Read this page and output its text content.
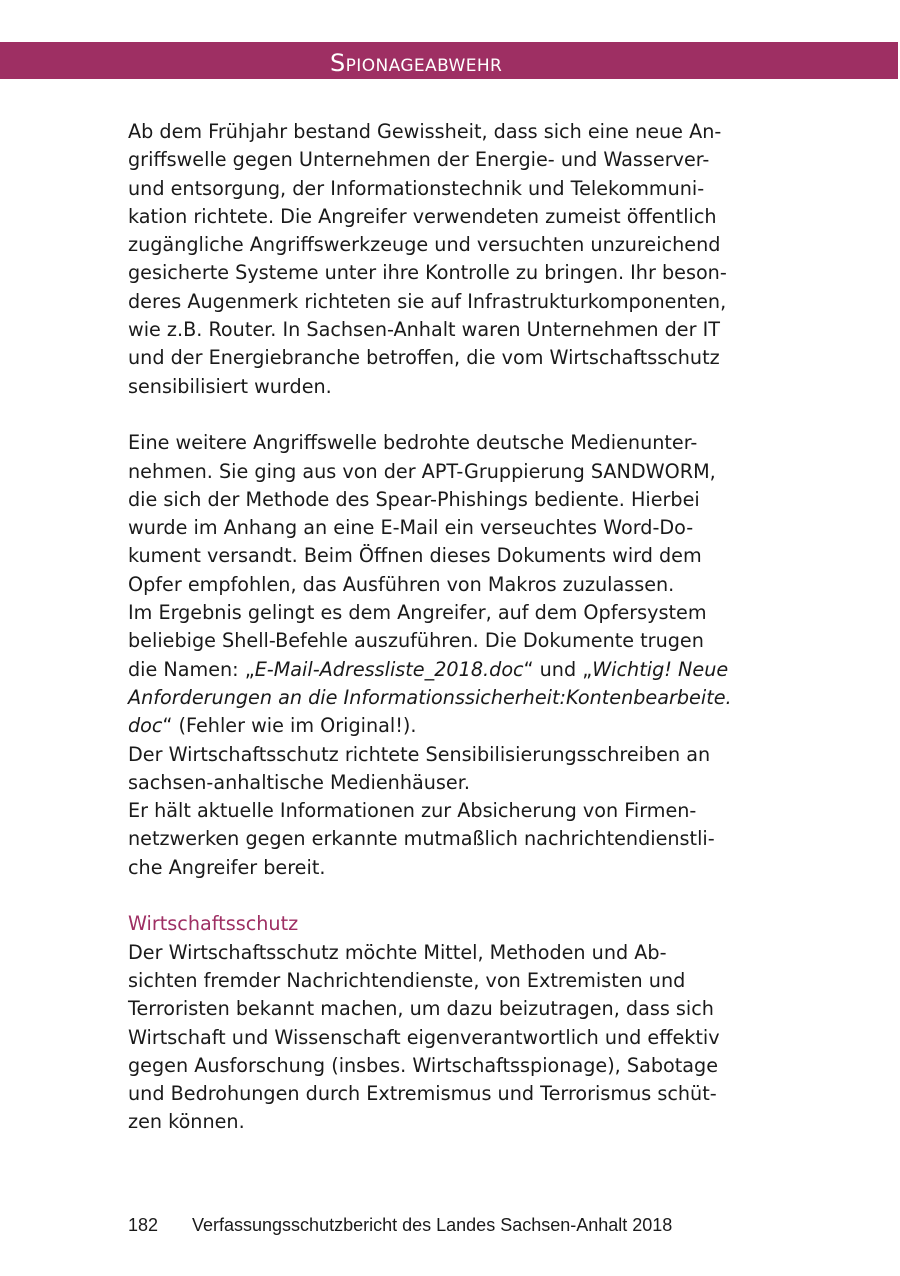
Spionageabwehr
Ab dem Frühjahr bestand Gewissheit, dass sich eine neue An-
griffswelle gegen Unternehmen der Energie- und Wasserver-
und entsorgung, der Informationstechnik und Telekommuni-
kation richtete. Die Angreifer verwendeten zumeist öffentlich
zugängliche Angriffswerkzeuge und versuchten unzureichend
gesicherte Systeme unter ihre Kontrolle zu bringen. Ihr beson-
deres Augenmerk richteten sie auf Infrastrukturkomponenten,
wie z.B. Router. In Sachsen-Anhalt waren Unternehmen der IT
und der Energiebranche betroffen, die vom Wirtschaftsschutz
sensibilisiert wurden.
Eine weitere Angriffswelle bedrohte deutsche Medienunter-
nehmen. Sie ging aus von der APT-Gruppierung SANDWORM,
die sich der Methode des Spear-Phishings bediente. Hierbei
wurde im Anhang an eine E-Mail ein verseuchtes Word-Do-
kument versandt. Beim Öffnen dieses Dokuments wird dem
Opfer empfohlen, das Ausführen von Makros zuzulassen.
Im Ergebnis gelingt es dem Angreifer, auf dem Opfersystem
beliebige Shell-Befehle auszuführen. Die Dokumente trugen
die Namen: „E-Mail-Adressliste_2018.doc“ und „Wichtig! Neue
Anforderungen an die Informationssicherheit:Kontenbearbeite.
doc“ (Fehler wie im Original!).
Der Wirtschaftsschutz richtete Sensibilisierungsschreiben an
sachsen-anhaltische Medienhäuser.
Er hält aktuelle Informationen zur Absicherung von Firmen-
netzwerken gegen erkannte mutmaßlich nachrichtendienstli-
che Angreifer bereit.
Wirtschaftsschutz
Der Wirtschaftsschutz möchte Mittel, Methoden und Ab-
sichten fremder Nachrichtendienste, von Extremisten und
Terroristen bekannt machen, um dazu beizutragen, dass sich
Wirtschaft und Wissenschaft eigenverantwortlich und effektiv
gegen Ausforschung (insbes. Wirtschaftsspionage), Sabotage
und Bedrohungen durch Extremismus und Terrorismus schüt-
zen können.
182 Verfassungsschutzbericht des Landes Sachsen-Anhalt 2018
